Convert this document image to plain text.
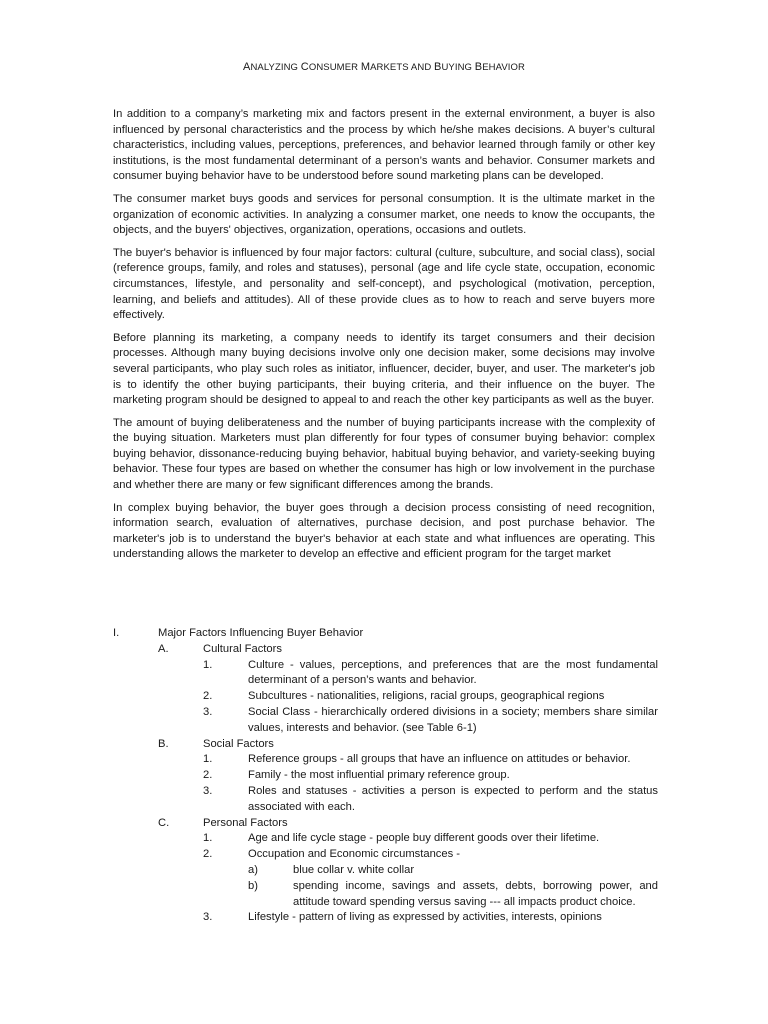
ANALYZING CONSUMER MARKETS AND BUYING BEHAVIOR

In addition to a company’s marketing mix and factors present in the external environment, a buyer is also influenced by personal characteristics and the process by which he/she makes decisions. A buyer’s cultural characteristics, including values, perceptions, preferences, and behavior learned through family or other key institutions, is the most fundamental determinant of a person’s wants and behavior. Consumer markets and consumer buying behavior have to be understood before sound marketing plans can be developed.

The consumer market buys goods and services for personal consumption. It is the ultimate market in the organization of economic activities. In analyzing a consumer market, one needs to know the occupants, the objects, and the buyers' objectives, organization, operations, occasions and outlets.

The buyer's behavior is influenced by four major factors: cultural (culture, subculture, and social class), social (reference groups, family, and roles and statuses), personal (age and life cycle state, occupation, economic circumstances, lifestyle, and personality and self-concept), and psychological (motivation, perception, learning, and beliefs and attitudes). All of these provide clues as to how to reach and serve buyers more effectively.

Before planning its marketing, a company needs to identify its target consumers and their decision processes. Although many buying decisions involve only one decision maker, some decisions may involve several participants, who play such roles as initiator, influencer, decider, buyer, and user. The marketer's job is to identify the other buying participants, their buying criteria, and their influence on the buyer. The marketing program should be designed to appeal to and reach the other key participants as well as the buyer.

The amount of buying deliberateness and the number of buying participants increase with the complexity of the buying situation. Marketers must plan differently for four types of consumer buying behavior: complex buying behavior, dissonance-reducing buying behavior, habitual buying behavior, and variety-seeking buying behavior. These four types are based on whether the consumer has high or low involvement in the purchase and whether there are many or few significant differences among the brands.

In complex buying behavior, the buyer goes through a decision process consisting of need recognition, information search, evaluation of alternatives, purchase decision, and post purchase behavior. The marketer's job is to understand the buyer's behavior at each state and what influences are operating. This understanding allows the marketer to develop an effective and efficient program for the target market

I.	Major Factors Influencing Buyer Behavior
A.	Cultural Factors
1.	Culture - values, perceptions, and preferences that are the most fundamental determinant of a person’s wants and behavior.
2.	Subcultures - nationalities, religions, racial groups, geographical regions
3.	Social Class - hierarchically ordered divisions in a society; members share similar values, interests and behavior. (see Table 6-1)
B.	Social Factors
1.	Reference groups - all groups that have an influence on attitudes or behavior.
2.	Family - the most influential primary reference group.
3.	Roles and statuses - activities a person is expected to perform and the status associated with each.
C.	Personal Factors
1.	Age and life cycle stage - people buy different goods over their lifetime.
2.	Occupation and Economic circumstances -
a)	blue collar v. white collar
b)	spending income, savings and assets, debts, borrowing power, and attitude toward spending versus saving --- all impacts product choice.
3.	Lifestyle - pattern of living as expressed by activities, interests, opinions
